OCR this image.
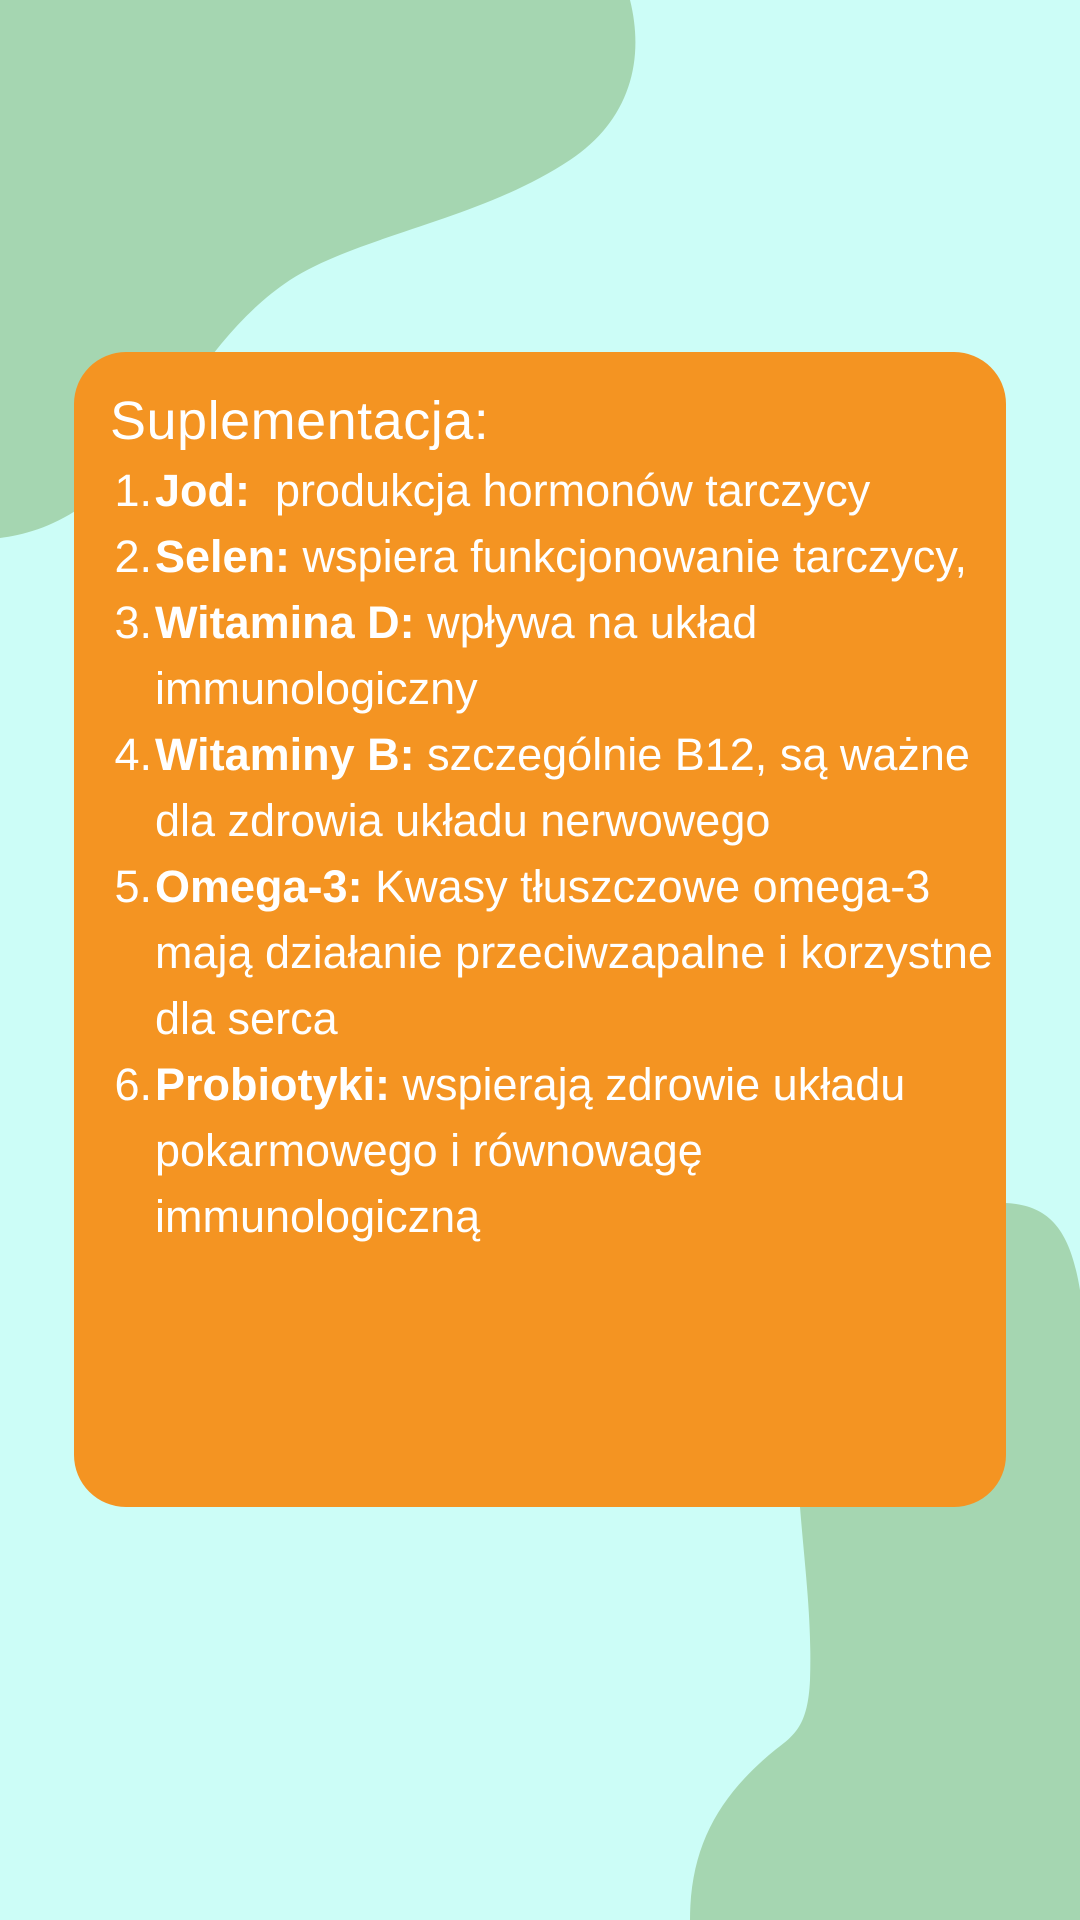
Suplementacja:
1. Jod:  produkcja hormonów tarczycy
2. Selen: wspiera funkcjonowanie tarczycy,
3. Witamina D: wpływa na układ immunologiczny
4. Witaminy B: szczególnie B12, są ważne dla zdrowia układu nerwowego
5. Omega-3: Kwasy tłuszczowe omega-3 mają działanie przeciwzapalne i korzystne dla serca
6. Probiotyki: wspierają zdrowie układu pokarmowego i równowagę immunologiczną
